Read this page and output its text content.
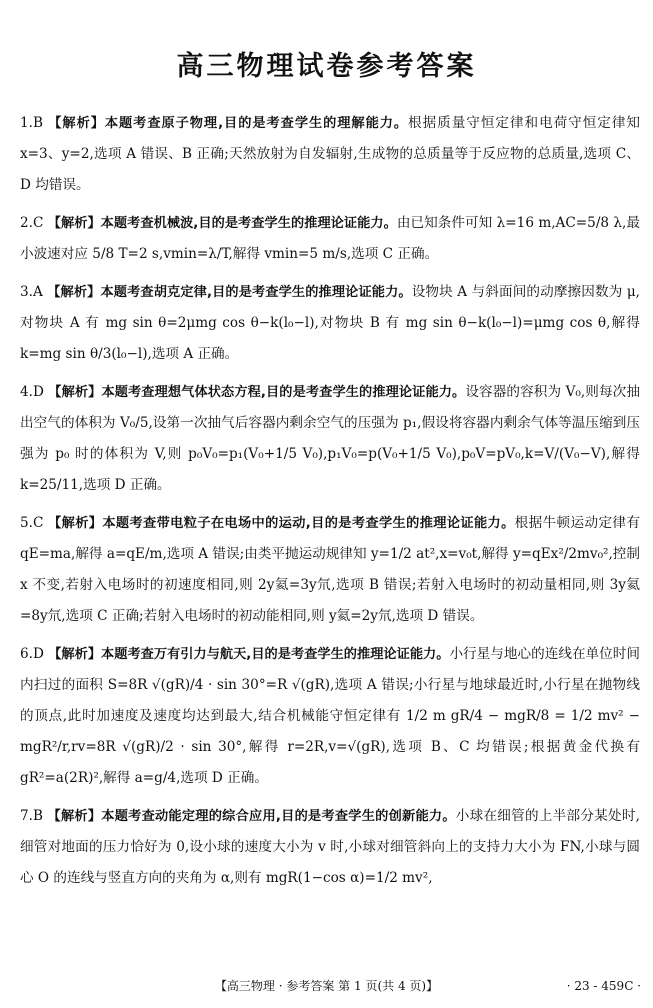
高三物理试卷参考答案

1.B 【解析】本题考查原子物理,目的是考查学生的理解能力。根据质量守恒定律和电荷守恒定律知 x=3、y=2,选项 A 错误、B 正确;天然放射为自发辐射,生成物的总质量等于反应物的总质量,选项 C、D 均错误。

2.C 【解析】本题考查机械波,目的是考查学生的推理论证能力。由已知条件可知 λ=16 m,AC=5/8 λ,最小波速对应 5/8 T=2 s,vmin=λ/T,解得 vmin=5 m/s,选项 C 正确。

3.A 【解析】本题考查胡克定律,目的是考查学生的推理论证能力。设物块 A 与斜面间的动摩擦因数为 μ,对物块 A 有 mg sin θ=2μmg cos θ−k(l₀−l),对物块 B 有 mg sin θ−k(l₀−l)=μmg cos θ,解得 k=mg sin θ/3(l₀−l),选项 A 正确。

4.D 【解析】本题考查理想气体状态方程,目的是考查学生的推理论证能力。设容器的容积为 V₀,则每次抽出空气的体积为 V₀/5,设第一次抽气后容器内剩余空气的压强为 p₁,假设将容器内剩余气体等温压缩到压强为 p₀ 时的体积为 V,则 p₀V₀=p₁(V₀+1/5 V₀),p₁V₀=p(V₀+1/5 V₀),p₀V=pV₀,k=V/(V₀−V),解得 k=25/11,选项 D 正确。

5.C 【解析】本题考查带电粒子在电场中的运动,目的是考查学生的推理论证能力。根据牛顿运动定律有 qE=ma,解得 a=qE/m,选项 A 错误;由类平抛运动规律知 y=1/2 at²,x=v₀t,解得 y=qEx²/2mv₀²,控制 x 不变,若射入电场时的初速度相同,则 2y氦=3y氘,选项 B 错误;若射入电场时的初动量相同,则 3y氦=8y氘,选项 C 正确;若射入电场时的初动能相同,则 y氦=2y氘,选项 D 错误。

6.D 【解析】本题考查万有引力与航天,目的是考查学生的推理论证能力。小行星与地心的连线在单位时间内扫过的面积 S=8R √(gR)/4 · sin 30°=R √(gR),选项 A 错误;小行星与地球最近时,小行星在抛物线的顶点,此时加速度及速度均达到最大,结合机械能守恒定律有 1/2 m gR/4 − mgR/8 = 1/2 mv² − mgR²/r,rv=8R √(gR)/2 · sin 30°,解得 r=2R,v=√(gR),选项 B、C 均错误;根据黄金代换有 gR²=a(2R)²,解得 a=g/4,选项 D 正确。

7.B 【解析】本题考查动能定理的综合应用,目的是考查学生的创新能力。小球在细管的上半部分某处时,细管对地面的压力恰好为 0,设小球的速度大小为 v 时,小球对细管斜向上的支持力大小为 FN,小球与圆心 O 的连线与竖直方向的夹角为 α,则有 mgR(1−cos α)=1/2 mv²,

【高三物理 · 参考答案 第 1 页(共 4 页)】	· 23 - 459C ·
